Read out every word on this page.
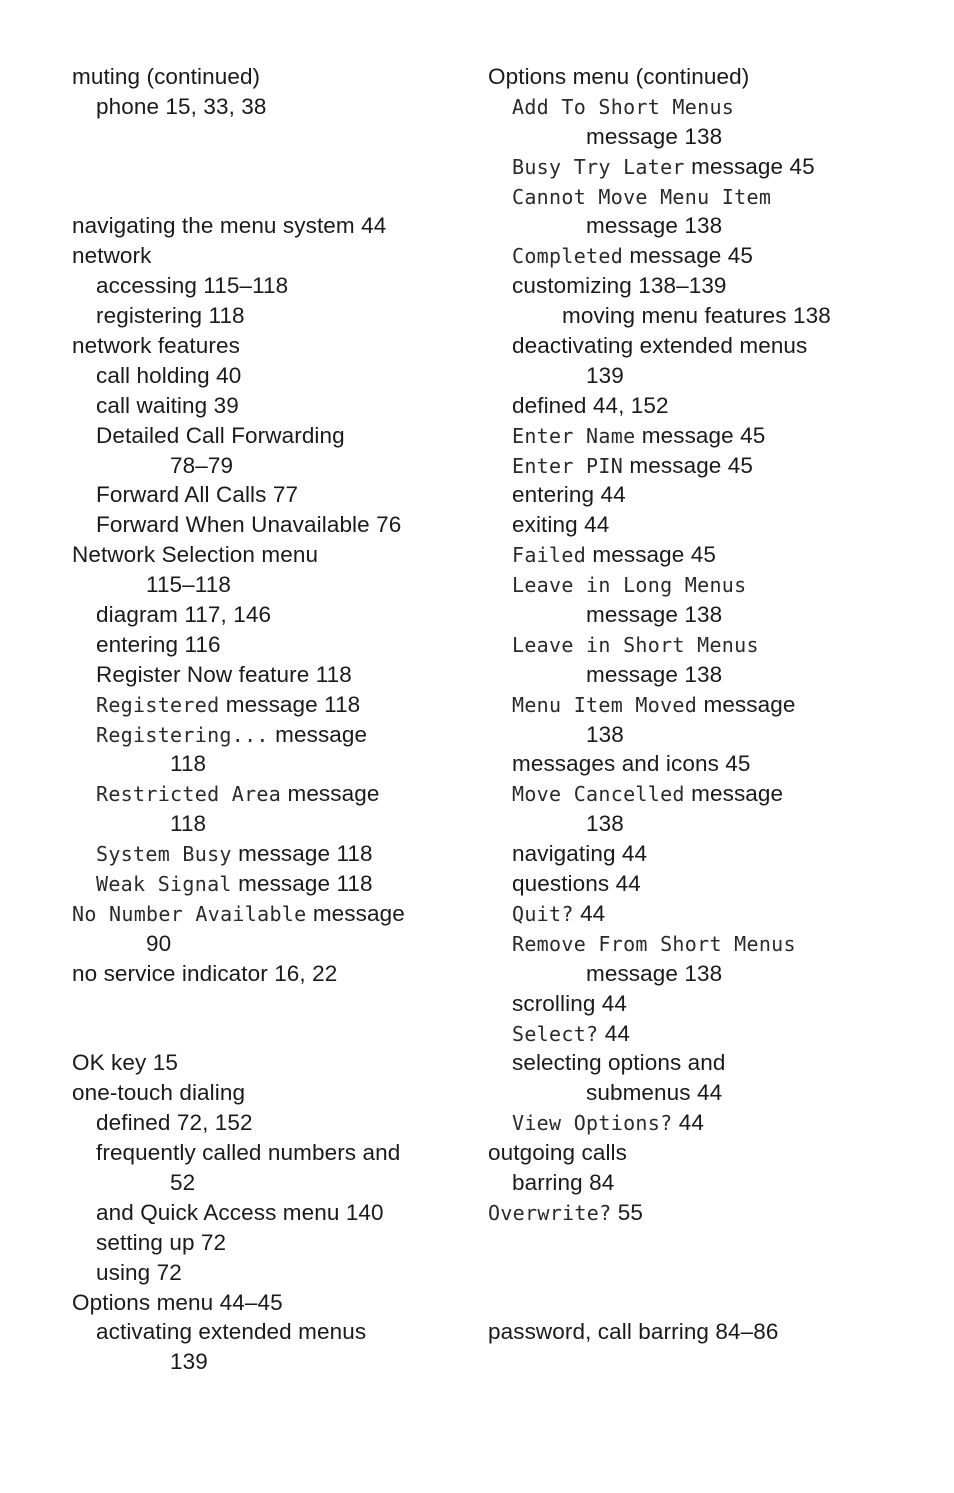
muting (continued)
phone 15, 33, 38
navigating the menu system 44
network
accessing 115–118
registering 118
network features
call holding 40
call waiting 39
Detailed Call Forwarding
78–79
Forward All Calls 77
Forward When Unavailable 76
Network Selection menu
115–118
diagram 117, 146
entering 116
Register Now feature 118
Registered message 118
Registering... message
118
Restricted Area message
118
System Busy message 118
Weak Signal message 118
No Number Available message
90
no service indicator 16, 22
OK key 15
one-touch dialing
defined 72, 152
frequently called numbers and
52
and Quick Access menu 140
setting up 72
using 72
Options menu 44–45
activating extended menus
139
Options menu (continued)
Add To Short Menus
message 138
Busy Try Later message 45
Cannot Move Menu Item
message 138
Completed message 45
customizing 138–139
moving menu features 138
deactivating extended menus
139
defined 44, 152
Enter Name message 45
Enter PIN message 45
entering 44
exiting 44
Failed message 45
Leave in Long Menus
message 138
Leave in Short Menus
message 138
Menu Item Moved message
138
messages and icons 45
Move Cancelled message
138
navigating 44
questions 44
Quit? 44
Remove From Short Menus
message 138
scrolling 44
Select? 44
selecting options and
submenus 44
View Options? 44
outgoing calls
barring 84
Overwrite? 55
password, call barring 84–86
